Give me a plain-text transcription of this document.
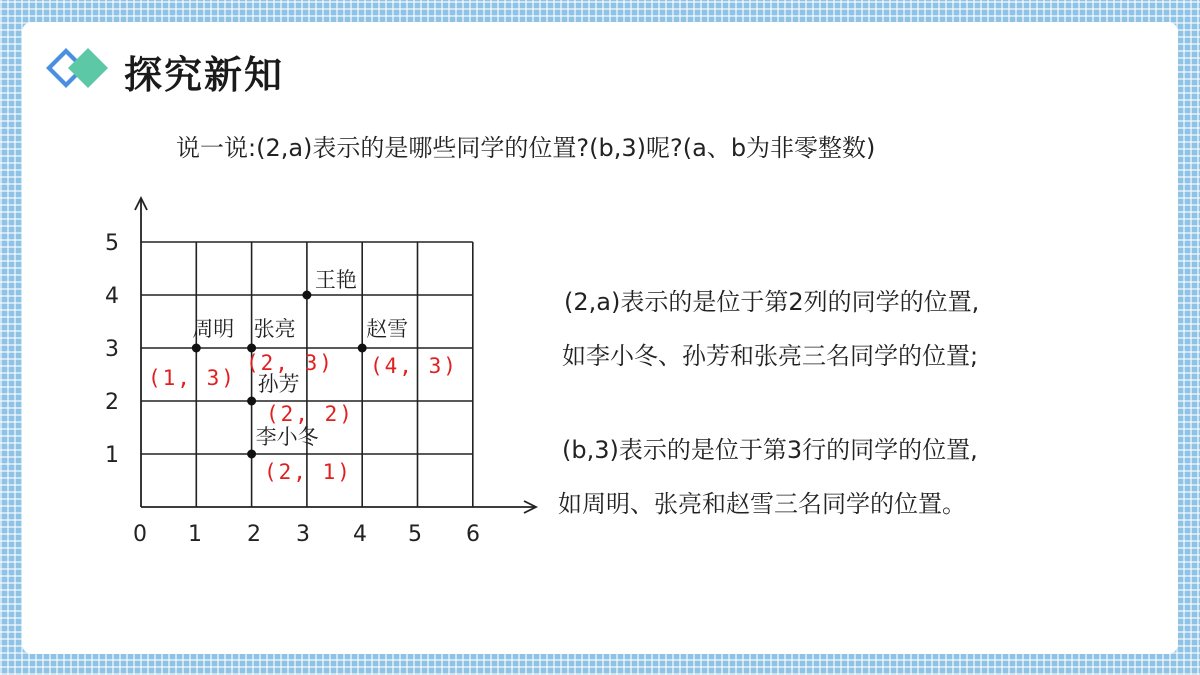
探究新知
说一说:(2,a)表示的是哪些同学的位置?(b,3)呢?(a、b为非零整数)
0 1 2 3 4 5 6
1
2
3
4
5
王艳
周明
(1, 3)
张亮
(2, 3)
赵雪
(4, 3)
孙芳
(2, 2)
李小冬
(2, 1)
(2,a)表示的是位于第2列的同学的位置,
如李小冬、孙芳和张亮三名同学的位置;
(b,3)表示的是位于第3行的同学的位置,
如周明、张亮和赵雪三名同学的位置。
